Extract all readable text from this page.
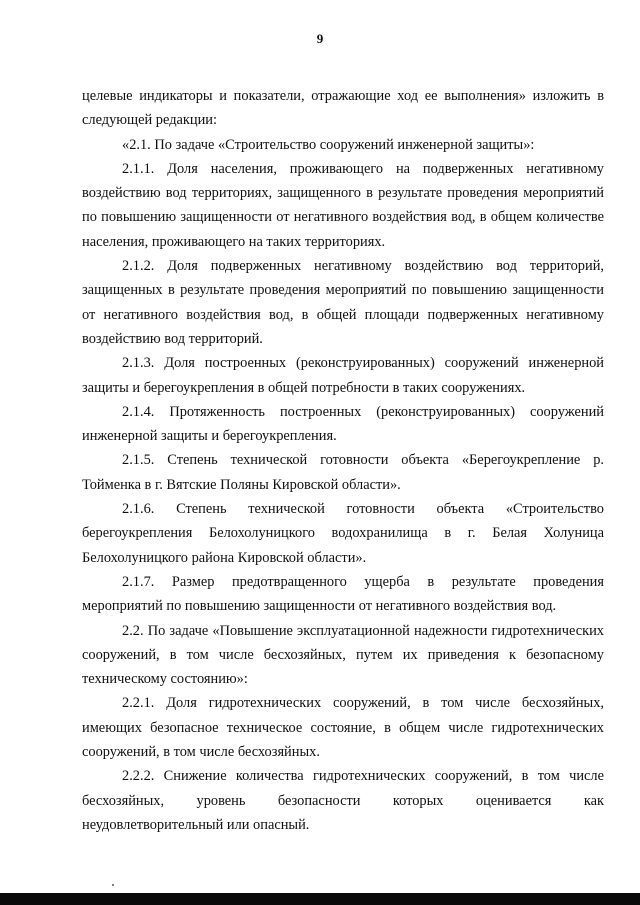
9

целевые индикаторы и показатели, отражающие ход ее выполнения» изложить в следующей редакции:

«2.1. По задаче «Строительство сооружений инженерной защиты»:

2.1.1. Доля населения, проживающего на подверженных негативному воздействию вод территориях, защищенного в результате проведения мероприятий по повышению защищенности от негативного воздействия вод, в общем количестве населения, проживающего на таких территориях.

2.1.2. Доля подверженных негативному воздействию вод территорий, защищенных в результате проведения мероприятий по повышению защищенности от негативного воздействия вод, в общей площади подверженных негативному воздействию вод территорий.

2.1.3. Доля построенных (реконструированных) сооружений инженерной защиты и берегоукрепления в общей потребности в таких сооружениях.

2.1.4. Протяженность построенных (реконструированных) сооружений инженерной защиты и берегоукрепления.

2.1.5. Степень технической готовности объекта «Берегоукрепление р. Тойменка в г. Вятские Поляны Кировской области».

2.1.6. Степень технической готовности объекта «Строительство берегоукрепления Белохолуницкого водохранилища в г. Белая Холуница Белохолуницкого района Кировской области».

2.1.7. Размер предотвращенного ущерба в результате проведения мероприятий по повышению защищенности от негативного воздействия вод.

2.2. По задаче «Повышение эксплуатационной надежности гидротехнических сооружений, в том числе бесхозяйных, путем их приведения к безопасному техническому состоянию»:

2.2.1. Доля гидротехнических сооружений, в том числе бесхозяйных, имеющих безопасное техническое состояние, в общем числе гидротехнических сооружений, в том числе бесхозяйных.

2.2.2. Снижение количества гидротехнических сооружений, в том числе бесхозяйных, уровень безопасности которых оценивается как неудовлетворительный или опасный.
